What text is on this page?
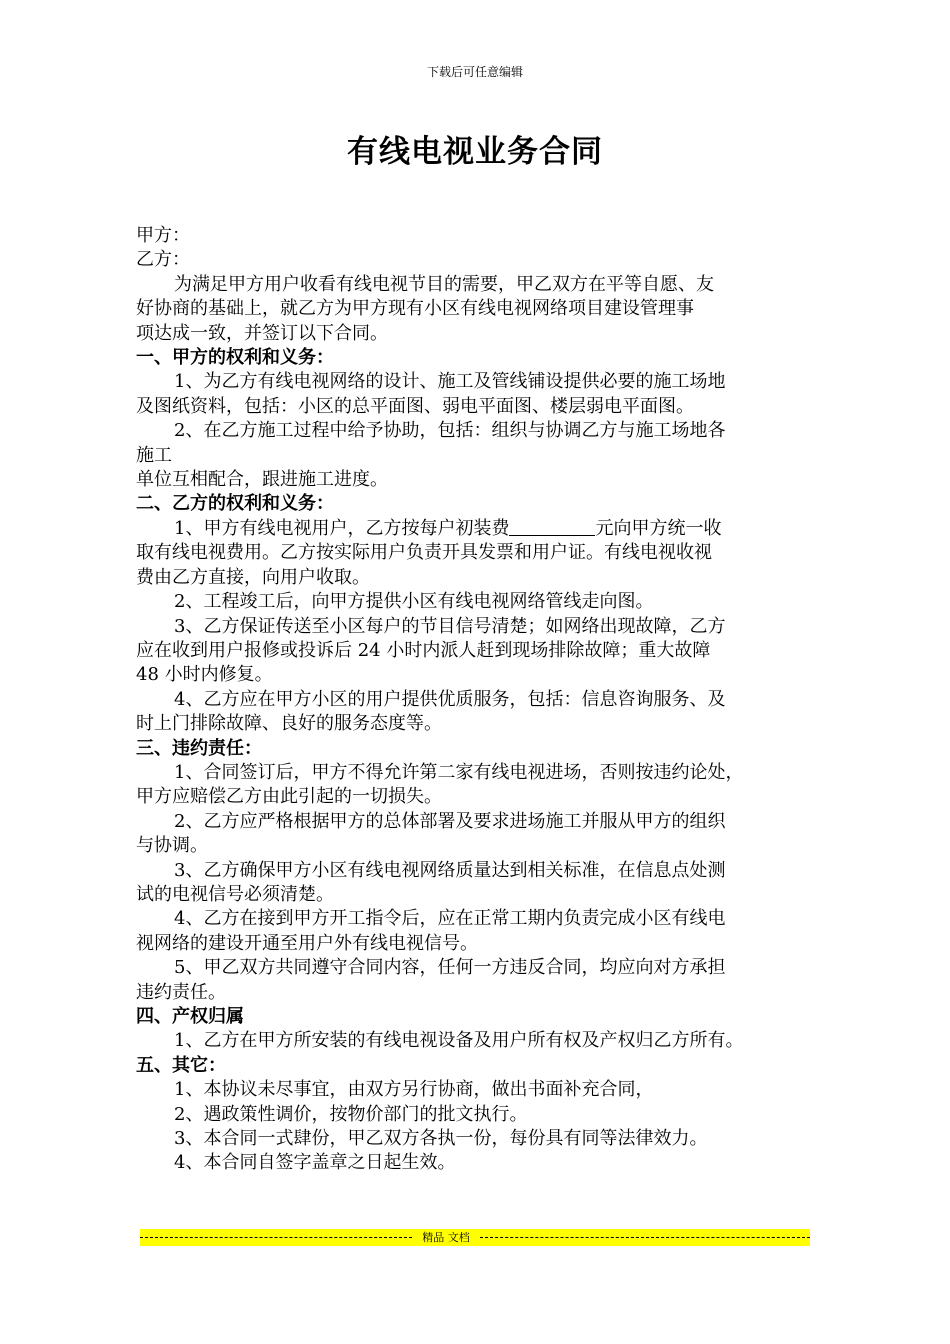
下载后可任意编辑
有线电视业务合同

甲方：

乙方：

为满足甲方用户收看有线电视节目的需要，甲乙双方在平等自愿、友

好协商的基础上，就乙方为甲方现有小区有线电视网络项目建设管理事

项达成一致，并签订以下合同。

一、甲方的权利和义务：

1、为乙方有线电视网络的设计、施工及管线铺设提供必要的施工场地

及图纸资料，包括：小区的总平面图、弱电平面图、楼层弱电平面图。

2、在乙方施工过程中给予协助，包括：组织与协调乙方与施工场地各

施工

单位互相配合，跟进施工进度。

二、乙方的权利和义务：

1、甲方有线电视用户，乙方按每户初装费	元向甲方统一收

取有线电视费用。乙方按实际用户负责开具发票和用户证。有线电视收视

费由乙方直接，向用户收取。

2、工程竣工后，向甲方提供小区有线电视网络管线走向图。

3、乙方保证传送至小区每户的节目信号清楚；如网络出现故障，乙方

应在收到用户报修或投诉后 24 小时内派人赶到现场排除故障；重大故障

48 小时内修复。

4、乙方应在甲方小区的用户提供优质服务，包括：信息咨询服务、及

时上门排除故障、良好的服务态度等。

三、违约责任：

1、合同签订后，甲方不得允许第二家有线电视进场，否则按违约论处，

甲方应赔偿乙方由此引起的一切损失。

2、乙方应严格根据甲方的总体部署及要求进场施工并服从甲方的组织

与协调。

3、乙方确保甲方小区有线电视网络质量达到相关标准，在信息点处测

试的电视信号必须清楚。

4、乙方在接到甲方开工指令后，应在正常工期内负责完成小区有线电

视网络的建设开通至用户外有线电视信号。

5、甲乙双方共同遵守合同内容，任何一方违反合同，均应向对方承担

违约责任。

四、产权归属

1、乙方在甲方所安装的有线电视设备及用户所有权及产权归乙方所有。

五、其它：

1、本协议未尽事宜，由双方另行协商，做出书面补充合同，

2、遇政策性调价，按物价部门的批文执行。

3、本合同一式肆份，甲乙双方各执一份，每份具有同等法律效力。

4、本合同自签字盖章之日起生效。

精品 文档
